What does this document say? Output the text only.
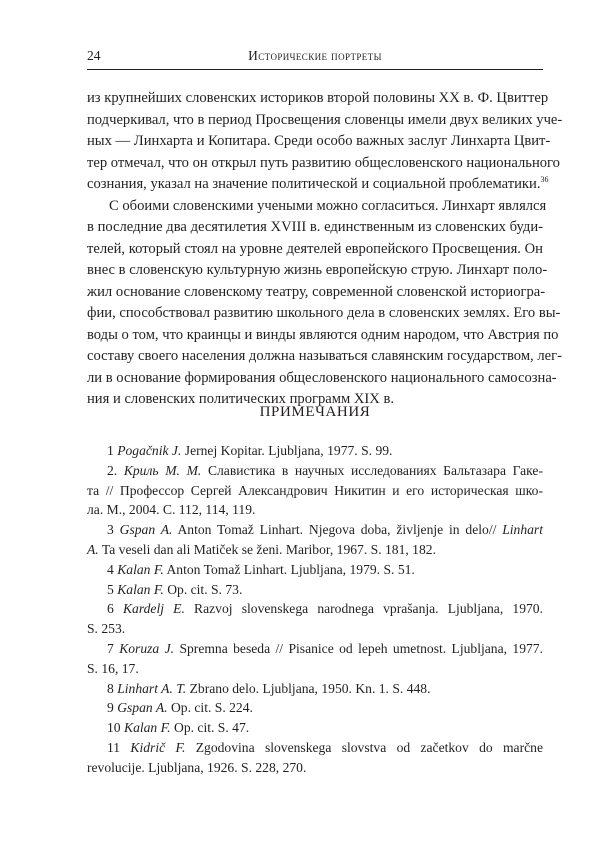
24	Исторические портреты

из крупнейших словенских историков второй половины XX в. Ф. Цвиттер
подчеркивал, что в период Просвещения словенцы имели двух великих уче-
ных — Линхарта и Копитара. Среди особо важных заслуг Линхарта Цвит-
тер отмечал, что он открыл путь развитию общесловенского национального
сознания, указал на значение политической и социальной проблематики.$^{36}$

С обоими словенскими учеными можно согласиться. Линхарт являлся
в последние два десятилетия XVIII в. единственным из словенских буди-
телей, который стоял на уровне деятелей европейского Просвещения. Он
внес в словенскую культурную жизнь европейскую струю. Линхарт поло-
жил основание словенскому театру, современной словенской историогра-
фии, способствовал развитию школьного дела в словенских землях. Его вы-
воды о том, что краинцы и винды являются одним народом, что Австрия по
составу своего населения должна называться славянским государством, лег-
ли в основание формирования общесловенского национального самосозна-
ния и словенских политических программ XIX в.

ПРИМЕЧАНИЯ
1 Pogačnik J. Jernej Kopitar. Ljubljana, 1977. S. 99.
2. Криль М. М. Славистика в научных исследованиях Бальтазара Гаке-
та // Профессор Сергей Александрович Никитин и его историческая шко-
ла. М., 2004. С. 112, 114, 119.
3 Gspan A. Anton Tomaž Linhart. Njegova doba, življenje in delo// Linhart
A. Ta veseli dan ali Matiček se ženi. Maribor, 1967. S. 181, 182.
4 Kalan F. Anton Tomaž Linhart. Ljubljana, 1979. S. 51.
5 Kalan F. Op. cit. S. 73.
6 Kardelj E. Razvoj slovenskega narodnega vprašanja. Ljubljana, 1970.
S. 253.
7 Koruza J. Spremna beseda // Pisanice od lepeh umetnost. Ljubljana, 1977.
S. 16, 17.
8 Linhart A. T. Zbrano delo. Ljubljana, 1950. Kn. 1. S. 448.
9 Gspan A. Op. cit. S. 224.
10 Kalan F. Op. cit. S. 47.
11 Kidrič F. Zgodovina slovenskega slovstva od začetkov do marčne
revolucije. Ljubljana, 1926. S. 228, 270.
